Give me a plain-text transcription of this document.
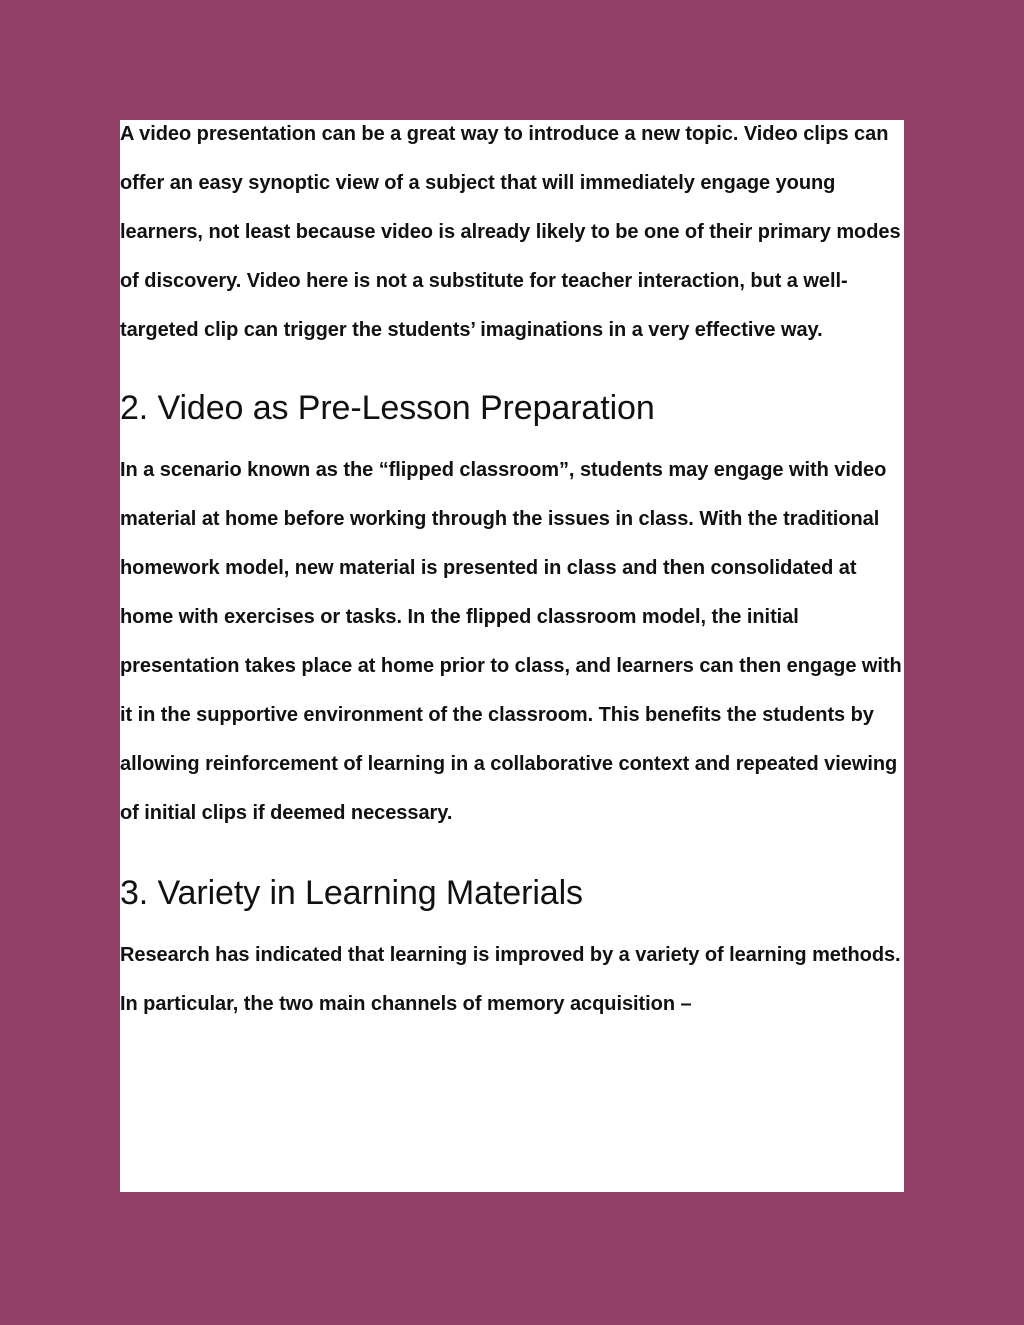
A video presentation can be a great way to introduce a new topic. Video clips can offer an easy synoptic view of a subject that will immediately engage young learners, not least because video is already likely to be one of their primary modes of discovery. Video here is not a substitute for teacher interaction, but a well-targeted clip can trigger the students’ imaginations in a very effective way.

2. Video as Pre-Lesson Preparation

In a scenario known as the “flipped classroom”, students may engage with video material at home before working through the issues in class. With the traditional homework model, new material is presented in class and then consolidated at home with exercises or tasks. In the flipped classroom model, the initial presentation takes place at home prior to class, and learners can then engage with it in the supportive environment of the classroom. This benefits the students by allowing reinforcement of learning in a collaborative context and repeated viewing of initial clips if deemed necessary.

3. Variety in Learning Materials

Research has indicated that learning is improved by a variety of learning methods. In particular, the two main channels of memory acquisition –
